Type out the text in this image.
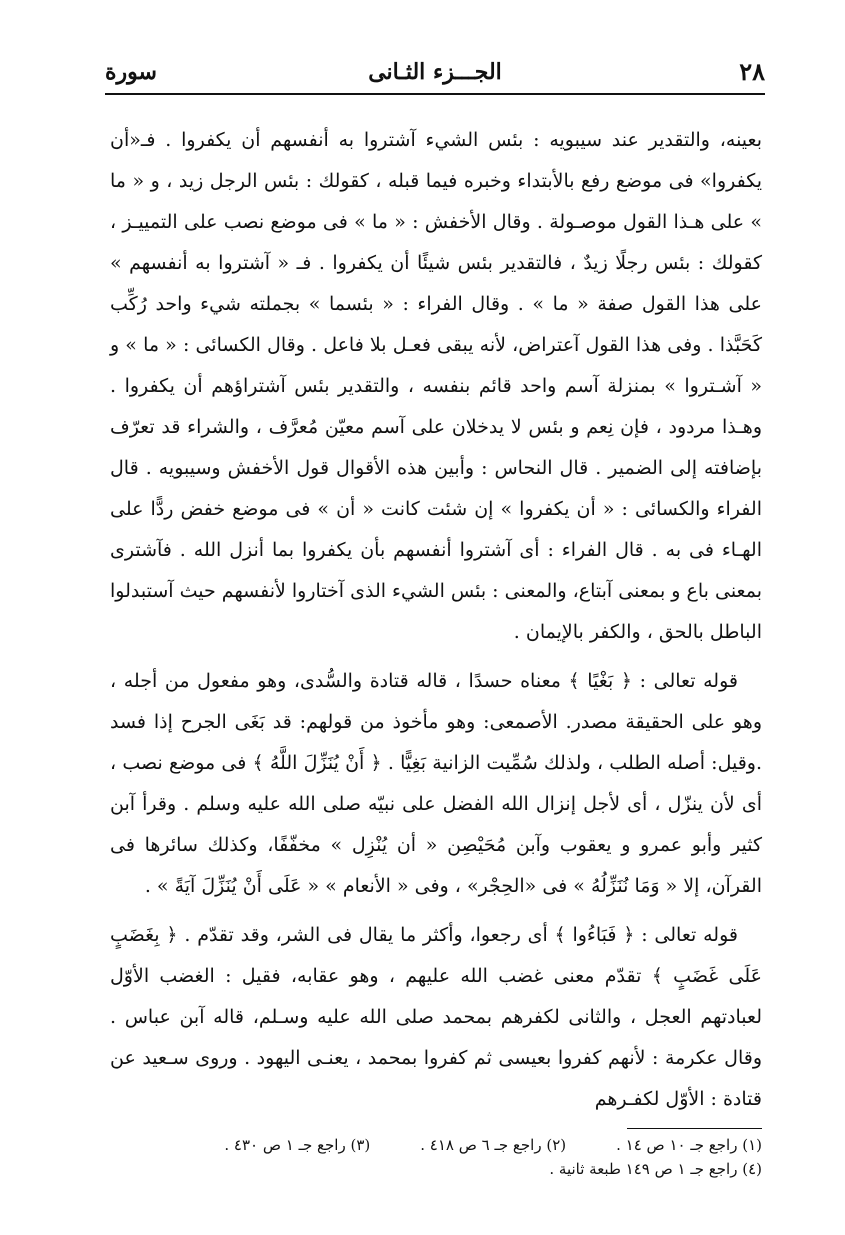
٢٨
الجـــزء الثـانى
سورة

بعينه، والتقدير عند سيبويه : بئس الشيء آشتروا به أنفسهم أن يكفروا . فـ«أن يكفروا» فى موضع رفع بالأبتداء وخبره فيما قبله ، كقولك : بئس الرجل زيد ، و « ما » على هـذا القول موصـولة . وقال الأخفش : « ما » فى موضع نصب على التمييـز ، كقولك : بئس رجلًا زيدٌ ، فالتقدير بئس شيئًا أن يكفروا . فـ « آشتروا به أنفسهم » على هذا القول صفة « ما » . وقال الفراء : « بئسما » بجملته شيء واحد رُكِّب كَحَبَّذا . وفى هذا القول آعتراض، لأنه يبقى فعـل بلا فاعل . وقال الكسائى : « ما » و « آشـتروا » بمنزلة آسم واحد قائم بنفسه ، والتقدير بئس آشتراؤهم أن يكفروا . وهـذا مردود ، فإن نِعم و بئس لا يدخلان على آسم معيّن مُعرَّف ، والشراء قد تعرّف بإضافته إلى الضمير . قال النحاس : وأبين هذه الأقوال قول الأخفش وسيبويه . قال الفراء والكسائى : « أن يكفروا » إن شئت كانت « أن » فى موضع خفض ردًّا على الهـاء فى به . قال الفراء : أى آشتروا أنفسهم بأن يكفروا بما أنزل الله . فآشترى بمعنى باع و بمعنى آبتاع، والمعنى : بئس الشيء الذى آختاروا لأنفسهم حيث آستبدلوا الباطل بالحق ، والكفر بالإيمان .

قوله تعالى : ﴿ بَغْيًا ﴾ معناه حسدًا ، قاله قتادة والسُّدى، وهو مفعول من أجله ، وهو على الحقيقة مصدر. الأصمعى: وهو مأخوذ من قولهم: قد بَغَى الجرح إذا فسد .وقيل: أصله الطلب ، ولذلك سُمِّيت الزانية بَغِيًّا . ﴿ أَنْ يُنَزِّلَ اللَّهُ ﴾ فى موضع نصب ، أى لأن ينزّل ، أى لأجل إنزال الله الفضل على نبيّه صلى الله عليه وسلم . وقرأ آبن كثير وأبو عمرو و يعقوب وآبن مُحَيْصِن « أن يُنْزِل » مخفّفًا، وكذلك سائرها فى القرآن، إلا « وَمَا نُنَزِّلُهُ » فى «الحِجْر» ، وفى « الأنعام » « عَلَى أَنْ يُنَزِّلَ آيَةً » .

قوله تعالى : ﴿ فَبَاءُوا ﴾ أى رجعوا، وأكثر ما يقال فى الشر، وقد تقدّم . ﴿ بِغَضَبٍ عَلَى غَضَبٍ ﴾ تقدّم معنى غضب الله عليهم ، وهو عقابه، فقيل : الغضب الأوّل لعبادتهم العجل ، والثانى لكفرهم بمحمد صلى الله عليه وسـلم، قاله آبن عباس . وقال عكرمة : لأنهم كفروا بعيسى ثم كفروا بمحمد ، يعنـى اليهود . وروى سـعيد عن قتادة : الأوّل لكفـرهم

(١) راجع جـ ١٠ ص ١٤ .
(٢) راجع جـ ٦ ص ٤١٨ .
(٣) راجع جـ ١ ص ٤٣٠ .
(٤) راجع جـ ١ ص ١٤٩ طبعة ثانية .
